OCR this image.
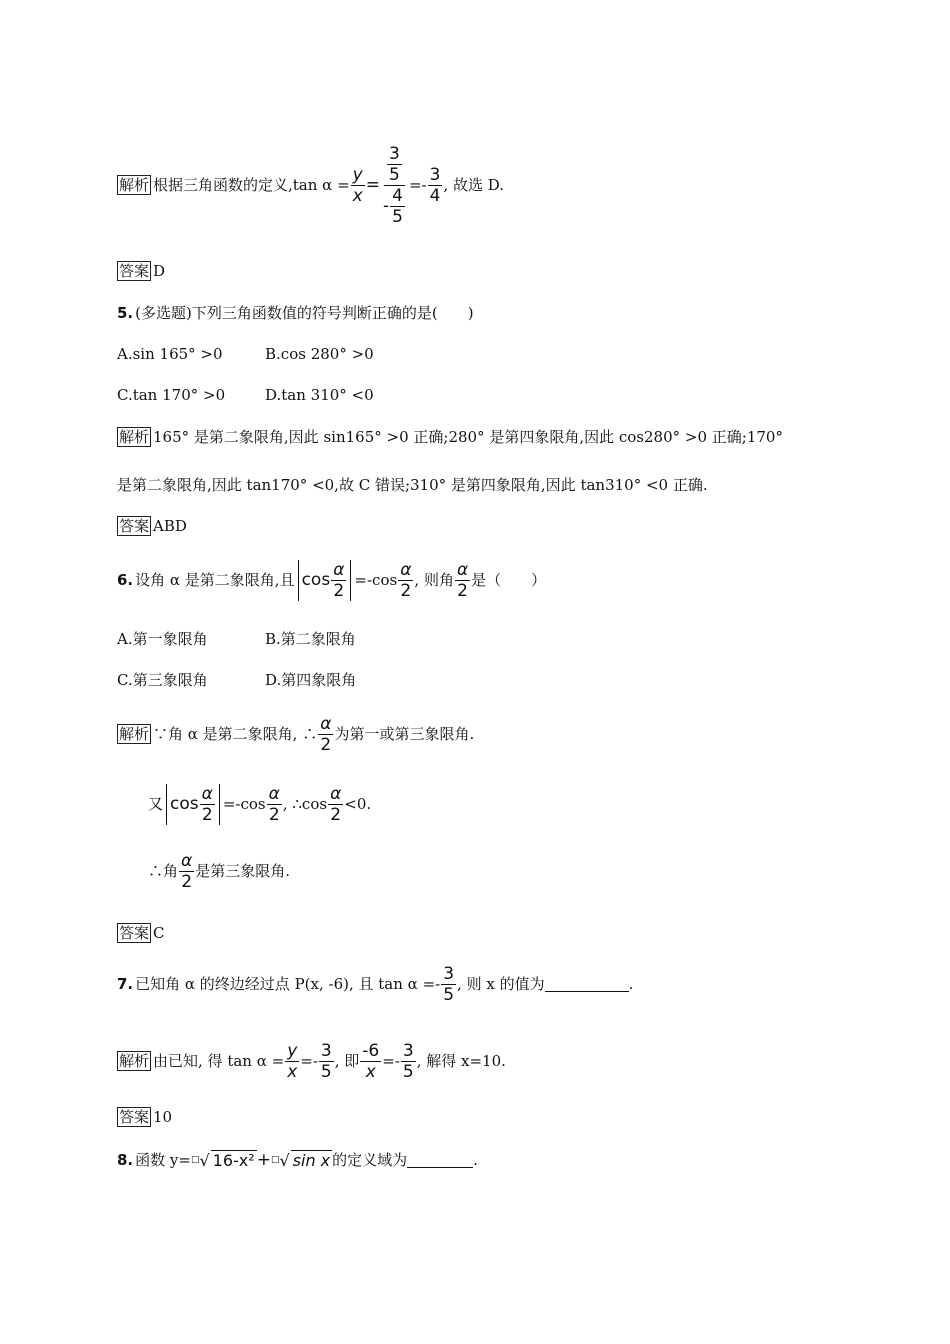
解析 根据三角函数的定义,tan $\alpha = \frac{y}{x} = \frac{\frac{3}{5}}{- \frac{4}{5}} =- \frac{3}{4}$ , 故选 D.
答案 D
5. (多选题)下列三角函数值的符号判断正确的是(　　)
A.sin 165° >0	B.cos 280° >0
C.tan 170° >0	D.tan 310° <0
解析 165° 是第二象限角,因此 sin165° >0 正确;280° 是第四象限角,因此 cos280° >0 正确;170°
是第二象限角,因此 tan170° <0,故 C 错误;310° 是第四象限角,因此 tan310° <0 正确.
答案 ABD
6. 设角 α 是第二象限角,且 $\cos \frac{\alpha}{2} =-\cos \frac{\alpha}{2}$ , 则角 $\frac{\alpha}{2}$ 是（　　）
A.第一象限角	B.第二象限角
C.第三象限角	D.第四象限角
解析 ∵角 α 是第二象限角, ∴ $\frac{\alpha}{2}$ 为第一或第三象限角.
又 $\cos \frac{\alpha}{2} =-\cos \frac{\alpha}{2}$ , ∴cos $\frac{\alpha}{2} <0$.
∴角 $\frac{\alpha}{2}$ 是第三象限角.
答案 C
7. 已知角 α 的终边经过点 P(x, -6), 且 $\tan \alpha =- \frac{3}{5}$ , 则 x 的值为	.
解析 由已知, 得 $\tan \alpha = \frac{y}{x} =- \frac{3}{5}$ , 即 $\frac{-6}{x} =- \frac{3}{5}$ , 解得 x=10.
答案 10
8. 函数 y= □ √ 16-x² + □ √ sin x 的定义域为	.
